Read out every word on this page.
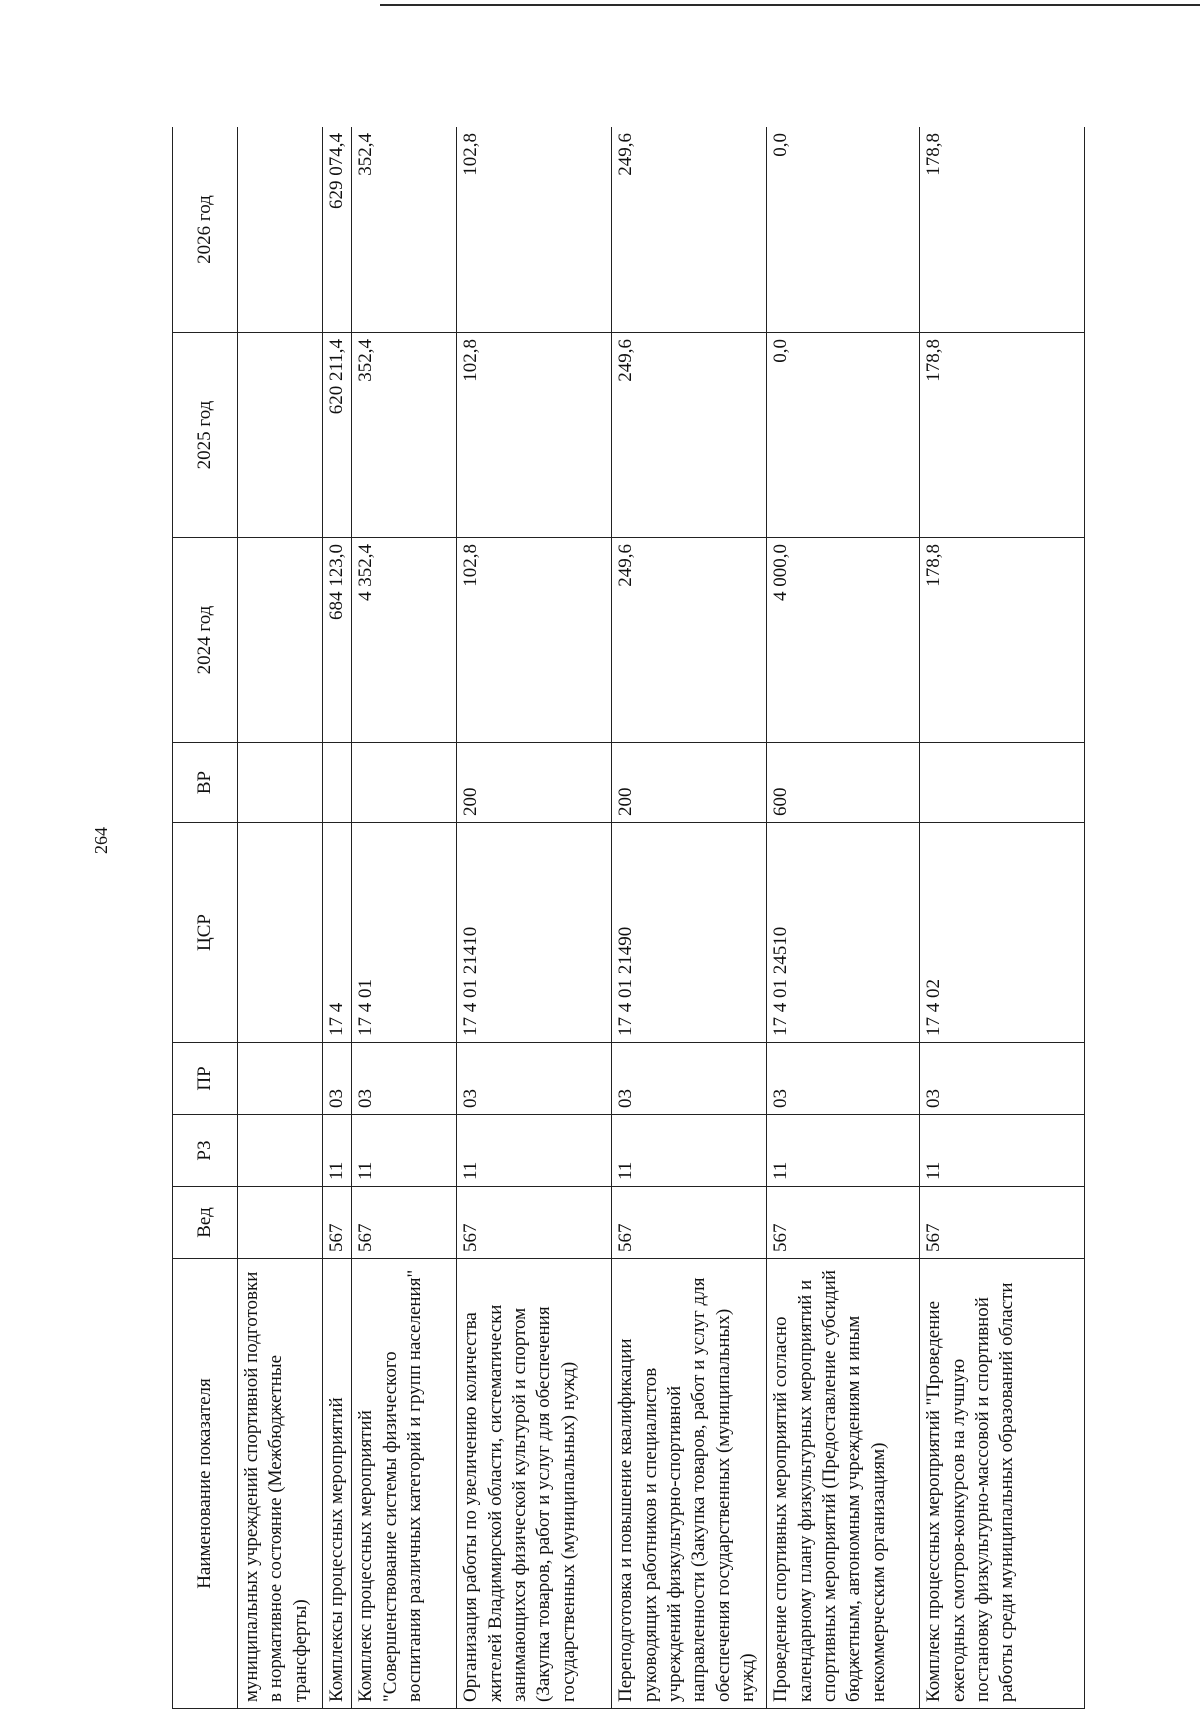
264
Наименование показателя	Вед	РЗ	ПР	ЦСР	ВР	2024 год	2025 год	2026 год
муниципальных учреждений спортивной подготовки в нормативное состояние (Межбюджетные трансферты)								
Комплексы процессных мероприятий	567	11	03	17 4		684 123,0	620 211,4	629 074,4
Комплекс процессных мероприятий "Совершенствование системы физического воспитания различных категорий и групп населения"	567	11	03	17 4 01		4 352,4	352,4	352,4
Организация работы по увеличению количества жителей Владимирской области, систематически занимающихся физической культурой и спортом (Закупка товаров, работ и услуг для обеспечения государственных (муниципальных) нужд)	567	11	03	17 4 01 21410	200	102,8	102,8	102,8
Переподготовка и повышение квалификации руководящих работников и специалистов учреждений физкультурно-спортивной направленности (Закупка товаров, работ и услуг для обеспечения государственных (муниципальных) нужд)	567	11	03	17 4 01 21490	200	249,6	249,6	249,6
Проведение спортивных мероприятий согласно календарному плану физкультурных мероприятий и спортивных мероприятий (Предоставление субсидий бюджетным, автономным учреждениям и иным некоммерческим организациям)	567	11	03	17 4 01 24510	600	4 000,0	0,0	0,0
Комплекс процессных мероприятий "Проведение ежегодных смотров-конкурсов на лучшую постановку физкультурно-массовой и спортивной работы среди муниципальных образований области	567	11	03	17 4 02		178,8	178,8	178,8
